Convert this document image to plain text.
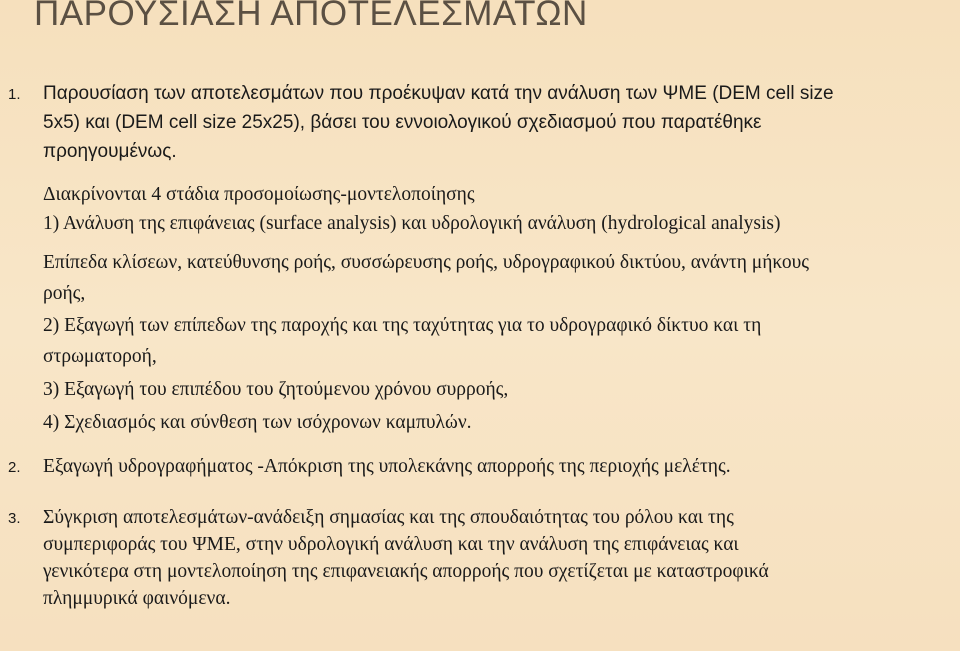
ΠΑΡΟΥΣΙΑΣΗ ΑΠΟΤΕΛΕΣΜΑΤΩΝ
1. Παρουσίαση των αποτελεσμάτων που προέκυψαν κατά την ανάλυση των ΨΜΕ (DEM cell size

5x5) και (DEM cell size 25x25), βάσει του εννοιολογικού σχεδιασμού που παρατέθηκε

προηγουμένως.

Διακρίνονται 4 στάδια προσομοίωσης-μοντελοποίησης

1) Ανάλυση της επιφάνειας (surface analysis) και υδρολογική ανάλυση (hydrological analysis)

Επίπεδα κλίσεων, κατεύθυνσης ροής, συσσώρευσης ροής, υδρογραφικού δικτύου, ανάντη μήκους

ροής,

2) Εξαγωγή των επίπεδων της παροχής και της ταχύτητας για το υδρογραφικό δίκτυο και τη

στρωματοροή,

3) Εξαγωγή του επιπέδου του ζητούμενου χρόνου συρροής,

4) Σχεδιασμός και σύνθεση των ισόχρονων καμπυλών.

2. Εξαγωγή υδρογραφήματος -Απόκριση της υπολεκάνης απορροής της περιοχής μελέτης.

3. Σύγκριση αποτελεσμάτων-ανάδειξη σημασίας και της σπουδαιότητας του ρόλου και της

συμπεριφοράς του ΨΜΕ, στην υδρολογική ανάλυση και την ανάλυση της επιφάνειας και

γενικότερα στη μοντελοποίηση της επιφανειακής απορροής που σχετίζεται με καταστροφικά

πλημμυρικά φαινόμενα.
